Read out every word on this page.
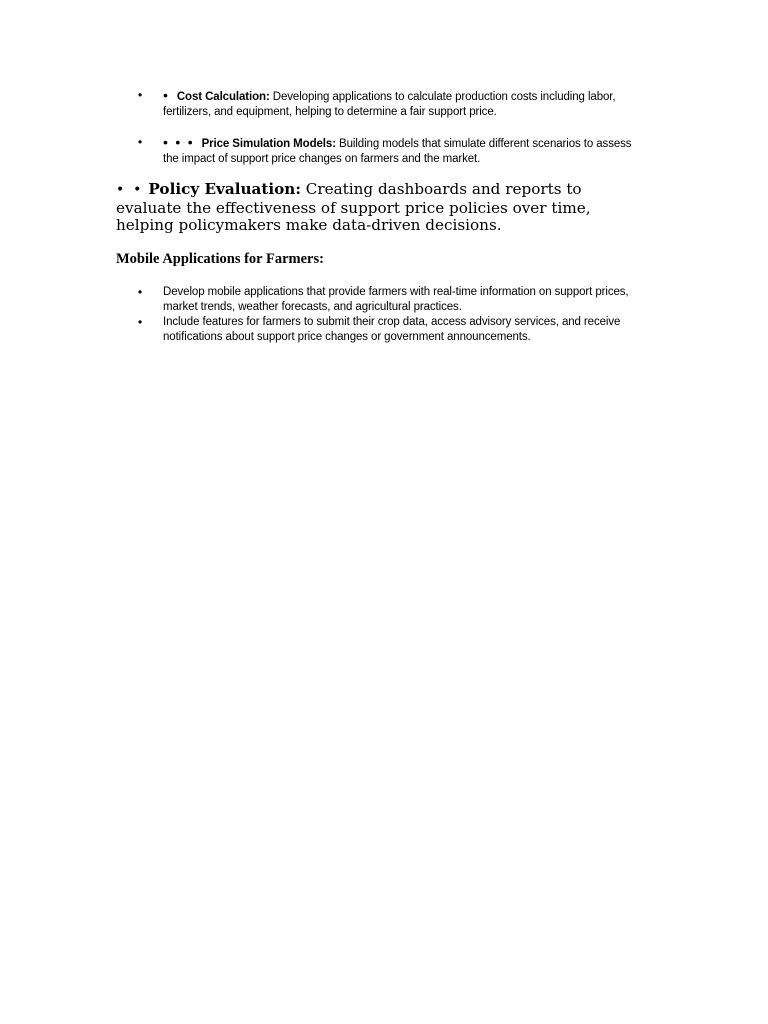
• • Cost Calculation: Developing applications to calculate production costs including labor, fertilizers, and equipment, helping to determine a fair support price.
• •  •  • Price Simulation Models: Building models that simulate different scenarios to assess the impact of support price changes on farmers and the market.
•  • Policy Evaluation: Creating dashboards and reports to evaluate the effectiveness of support price policies over time, helping policymakers make data-driven decisions.
Mobile Applications for Farmers:
• Develop mobile applications that provide farmers with real-time information on support prices, market trends, weather forecasts, and agricultural practices.
• Include features for farmers to submit their crop data, access advisory services, and receive notifications about support price changes or government announcements.
